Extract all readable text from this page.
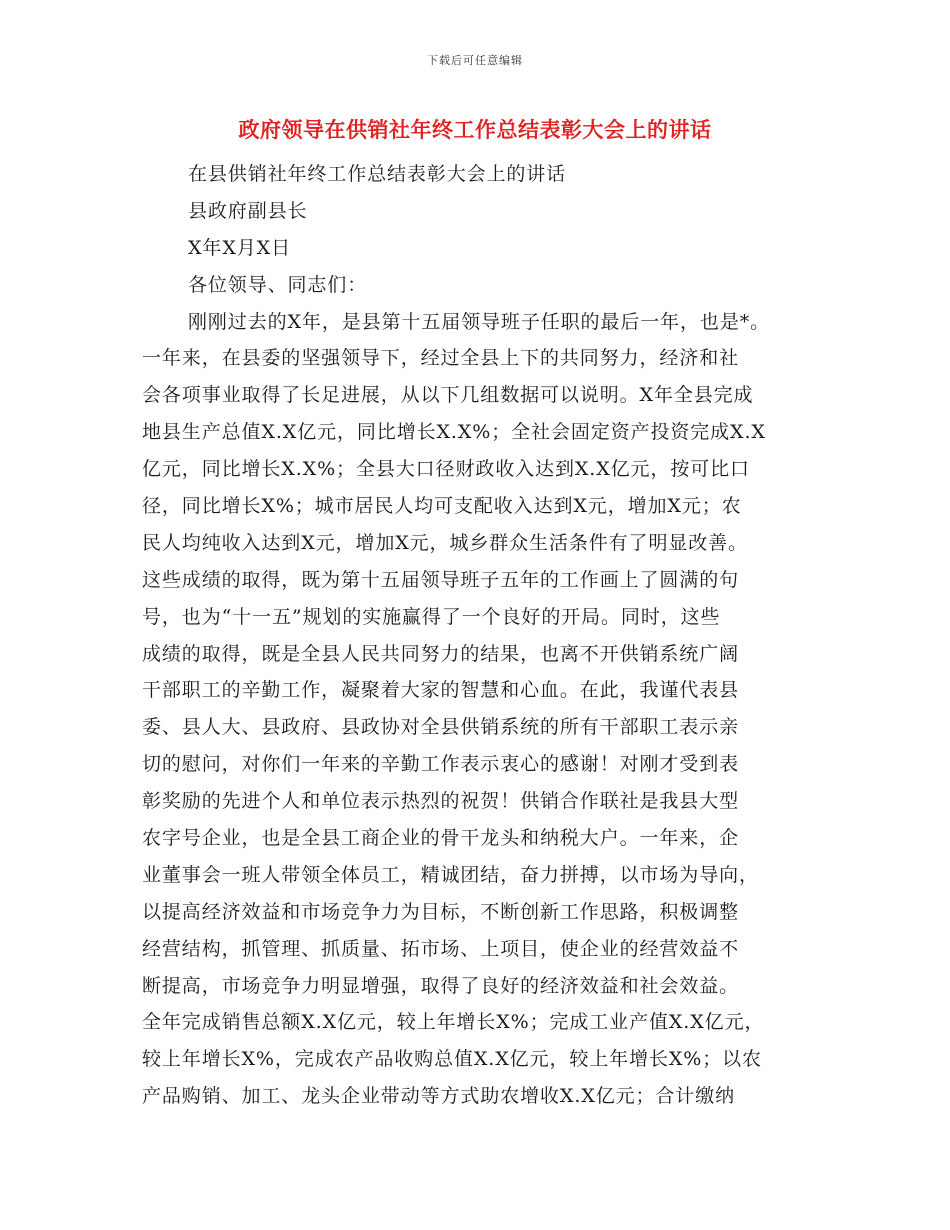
下载后可任意编辑
政府领导在供销社年终工作总结表彰大会上的讲话
在县供销社年终工作总结表彰大会上的讲话
县政府副县长
X年X月X日
各位领导、同志们：
刚刚过去的X年，是县第十五届领导班子任职的最后一年，也是*。
一年来，在县委的坚强领导下，经过全县上下的共同努力，经济和社
会各项事业取得了长足进展，从以下几组数据可以说明。X年全县完成
地县生产总值X.X亿元，同比增长X.X%；全社会固定资产投资完成X.X
亿元，同比增长X.X%；全县大口径财政收入达到X.X亿元，按可比口
径，同比增长X%；城市居民人均可支配收入达到X元，增加X元；农
民人均纯收入达到X元，增加X元，城乡群众生活条件有了明显改善。
这些成绩的取得，既为第十五届领导班子五年的工作画上了圆满的句
号，也为“十一五”规划的实施赢得了一个良好的开局。同时，这些
成绩的取得，既是全县人民共同努力的结果，也离不开供销系统广阔
干部职工的辛勤工作，凝聚着大家的智慧和心血。在此，我谨代表县
委、县人大、县政府、县政协对全县供销系统的所有干部职工表示亲
切的慰问，对你们一年来的辛勤工作表示衷心的感谢！对刚才受到表
彰奖励的先进个人和单位表示热烈的祝贺！供销合作联社是我县大型
农字号企业，也是全县工商企业的骨干龙头和纳税大户。一年来，企
业董事会一班人带领全体员工，精诚团结，奋力拼搏，以市场为导向，
以提高经济效益和市场竞争力为目标，不断创新工作思路，积极调整
经营结构，抓管理、抓质量、拓市场、上项目，使企业的经营效益不
断提高，市场竞争力明显增强，取得了良好的经济效益和社会效益。
全年完成销售总额X.X亿元，较上年增长X%；完成工业产值X.X亿元，
较上年增长X%，完成农产品收购总值X.X亿元，较上年增长X%；以农
产品购销、加工、龙头企业带动等方式助农增收X.X亿元；合计缴纳
